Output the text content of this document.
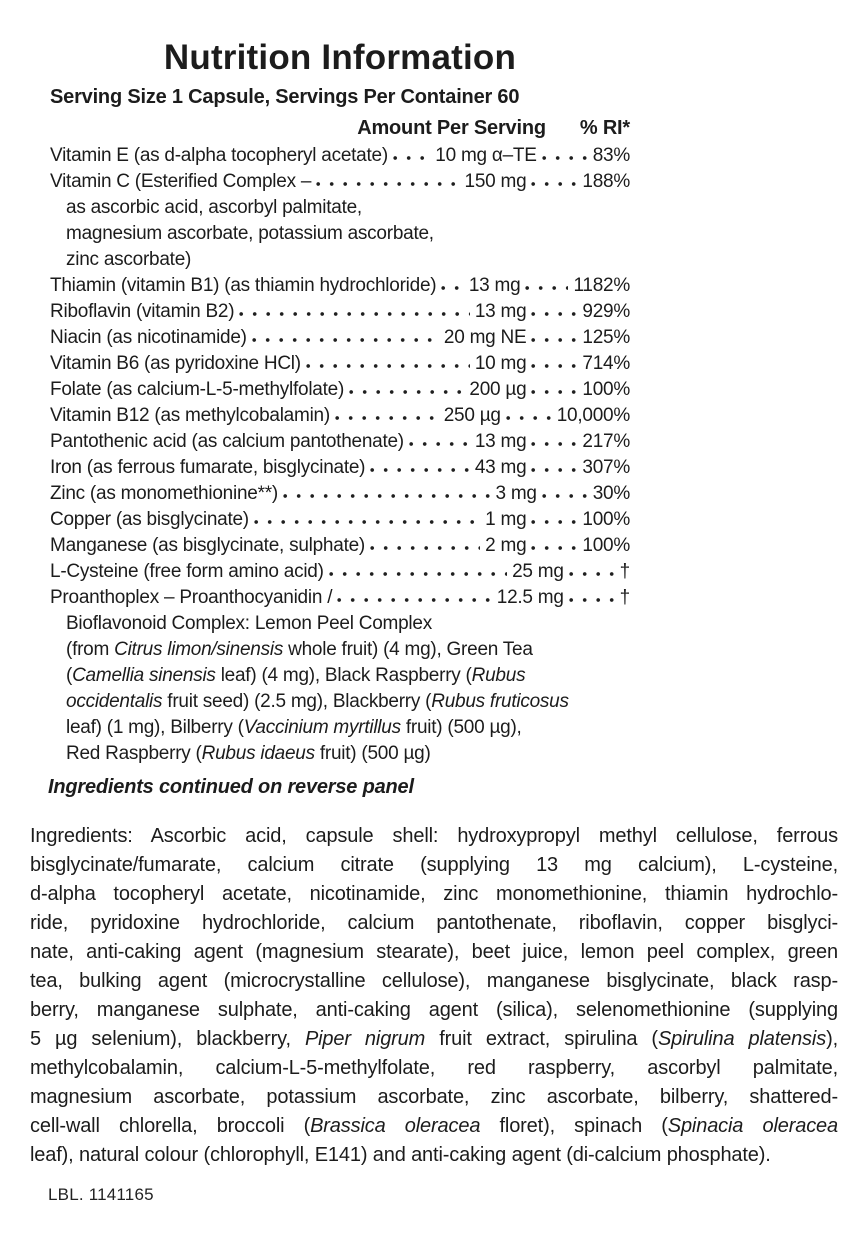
Nutrition Information

Serving Size 1 Capsule, Servings Per Container 60

Amount Per Serving % RI*
Vitamin E (as d-alpha tocopheryl acetate) 10 mg α–TE	83%
Vitamin C (Esterified Complex –	150 mg	188%
as ascorbic acid, ascorbyl palmitate,
magnesium ascorbate, potassium ascorbate,
zinc ascorbate)
Thiamin (vitamin B1) (as thiamin hydrochloride) 13 mg	1182%
Riboflavin (vitamin B2)	13 mg	929%
Niacin (as nicotinamide)	20 mg NE	125%
Vitamin B6 (as pyridoxine HCl)	10 mg	714%
Folate (as calcium-L-5-methylfolate)	200 µg	100%
Vitamin B12 (as methylcobalamin)	250 µg	10,000%
Pantothenic acid (as calcium pantothenate)	13 mg	217%
Iron (as ferrous fumarate, bisglycinate)	43 mg	307%
Zinc (as monomethionine**)	3 mg	30%
Copper (as bisglycinate)	1 mg	100%
Manganese (as bisglycinate, sulphate)	2 mg	100%
L-Cysteine (free form amino acid)	25 mg	†
Proanthoplex – Proanthocyanidin /	12.5 mg	†
Bioflavonoid Complex: Lemon Peel Complex
(from Citrus limon/sinensis whole fruit) (4 mg), Green Tea
(Camellia sinensis leaf) (4 mg), Black Raspberry (Rubus
occidentalis fruit seed) (2.5 mg), Blackberry (Rubus fruticosus
leaf) (1 mg), Bilberry (Vaccinium myrtillus fruit) (500 µg),
Red Raspberry (Rubus idaeus fruit) (500 µg)

Ingredients continued on reverse panel

Ingredients: Ascorbic acid, capsule shell: hydroxypropyl methyl cellulose, ferrous
bisglycinate/fumarate, calcium citrate (supplying 13 mg calcium), L-cysteine,
d-alpha tocopheryl acetate, nicotinamide, zinc monomethionine, thiamin hydrochlo-
ride, pyridoxine hydrochloride, calcium pantothenate, riboflavin, copper bisglyci-
nate, anti-caking agent (magnesium stearate), beet juice, lemon peel complex, green
tea, bulking agent (microcrystalline cellulose), manganese bisglycinate, black rasp-
berry, manganese sulphate, anti-caking agent (silica), selenomethionine (supplying
5 µg selenium), blackberry, Piper nigrum fruit extract, spirulina (Spirulina platensis),
methylcobalamin, calcium-L-5-methylfolate, red raspberry, ascorbyl palmitate,
magnesium ascorbate, potassium ascorbate, zinc ascorbate, bilberry, shattered-
cell-wall chlorella, broccoli (Brassica oleracea floret), spinach (Spinacia oleracea
leaf), natural colour (chlorophyll, E141) and anti-caking agent (di-calcium phosphate).

LBL. 1141165
